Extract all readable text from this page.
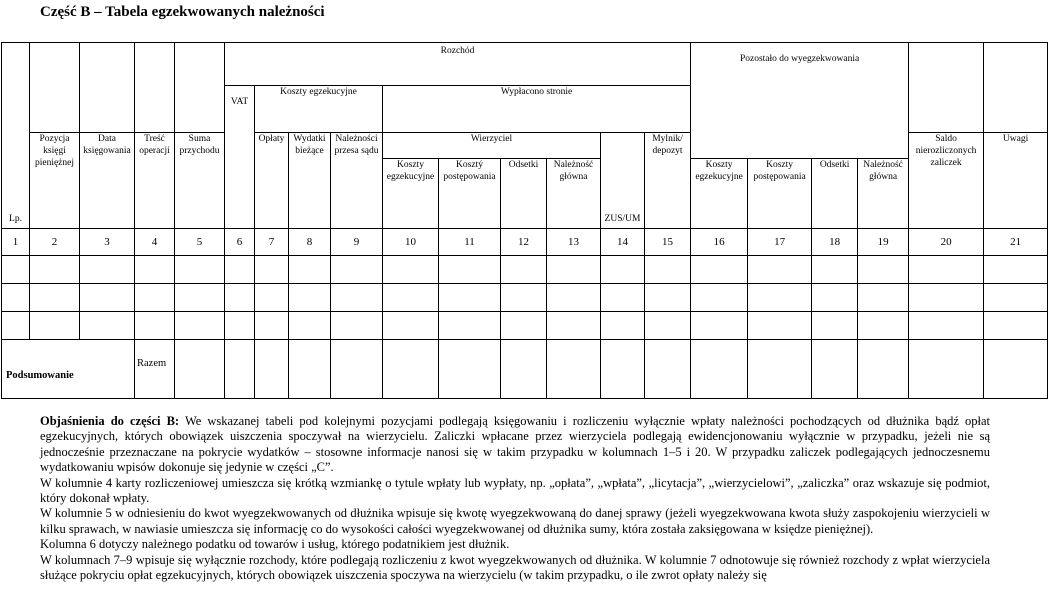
Część B – Tabela egzekwowanych należności
Lp.					Rozchód										Pozostało do wyegzekwowania					
					VAT	Koszty egzekucyjne			Wypłacono stronie											
	Pozycja księgi pieniężnej	Data księgowania	Treść operacji	Suma przychodu		Opłaty	Wydatki bieżące	Należności przesa sądu	Wierzyciel				ZUS/UM	Mylnik/ depozyt					Saldo nierozliczonych zaliczek	Uwagi
									Koszty egzekucyjne	Kosztý postępowania	Odsetki	Należność główna			Koszty egzekucyjne	Koszty postępowania	Odsetki	Należność główna		
1	2	3	4	5	6	7	8	9	10	11	12	13	14	15	16	17	18	19	20	21

Podsumowanie			Razem																	

Objaśnienia do części B: We wskazanej tabeli pod kolejnymi pozycjami podlegają księgowaniu i rozliczeniu wyłącznie wpłaty należności pochodzących od dłużnika bądź opłat egzekucyjnych, których obowiązek uiszczenia spoczywał na wierzycielu. Zaliczki wpłacane przez wierzyciela podlegają ewidencjonowaniu wyłącznie w przypadku, jeżeli nie są jednocześnie przeznaczane na pokrycie wydatków – stosowne informacje nanosi się w takim przypadku w kolumnach 1–5 i 20. W przypadku zaliczek podlegających jednoczesnemu wydatkowaniu wpisów dokonuje się jedynie w części „C”.

W kolumnie 4 karty rozliczeniowej umieszcza się krótką wzmiankę o tytule wpłaty lub wypłaty, np. „opłata”, „wpłata”, „licytacja”, „wierzycielowi”, „zaliczka” oraz wskazuje się podmiot, który dokonał wpłaty.

W kolumnie 5 w odniesieniu do kwot wyegzekwowanych od dłużnika wpisuje się kwotę wyegzekwowaną do danej sprawy (jeżeli wyegzekwowana kwota służy zaspokojeniu wierzycieli w kilku sprawach, w nawiasie umieszcza się informację co do wysokości całości wyegzekwowanej od dłużnika sumy, która została zaksięgowana w księdze pieniężnej).

Kolumna 6 dotyczy należnego podatku od towarów i usług, którego podatnikiem jest dłużnik.

W kolumnach 7–9 wpisuje się wyłącznie rozchody, które podlegają rozliczeniu z kwot wyegzekwowanych od dłużnika. W kolumnie 7 odnotowuje się również rozchody z wpłat wierzyciela służące pokryciu opłat egzekucyjnych, których obowiązek uiszczenia spoczywa na wierzycielu (w takim przypadku, o ile zwrot opłaty należy się
